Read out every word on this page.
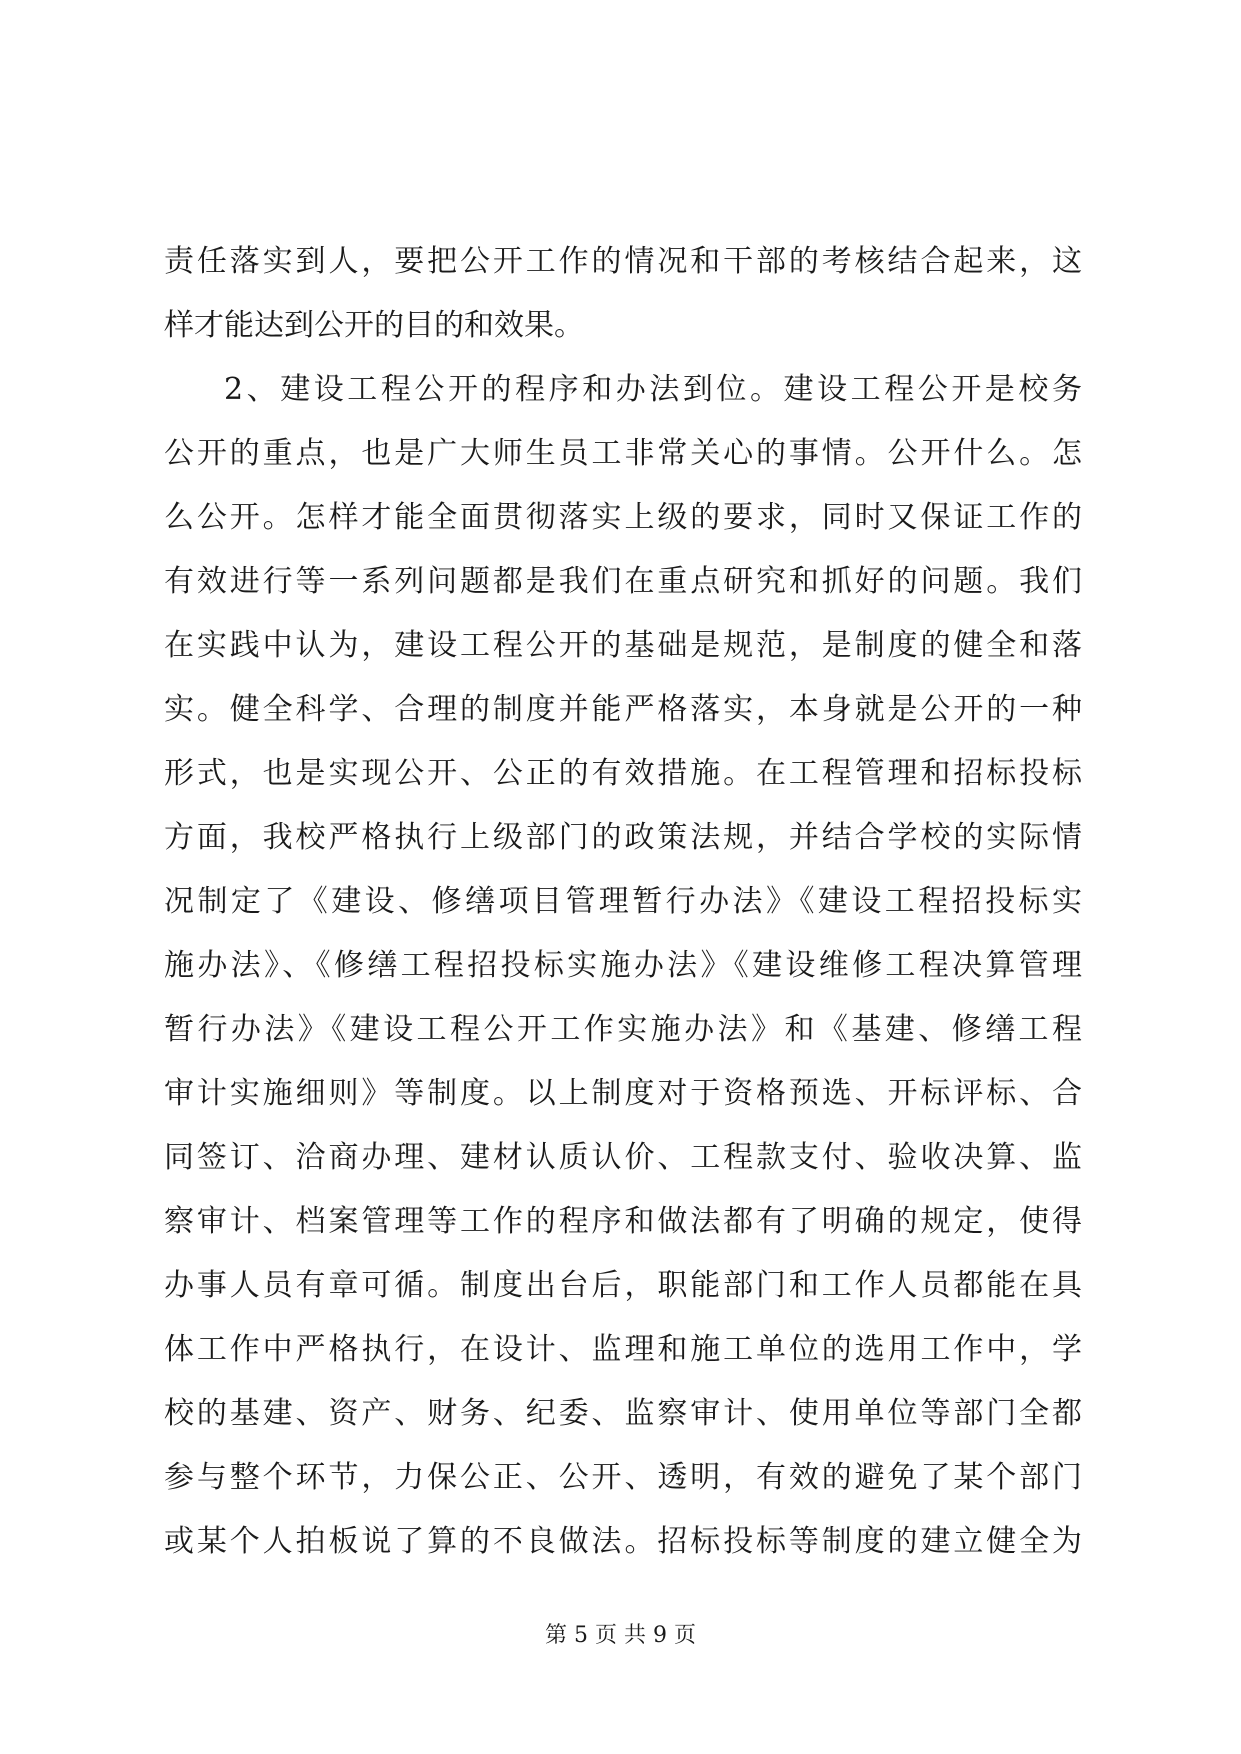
责任落实到人，要把公开工作的情况和干部的考核结合起来，这
样才能达到公开的目的和效果。
2、建设工程公开的程序和办法到位。建设工程公开是校务
公开的重点，也是广大师生员工非常关心的事情。公开什么。怎
么公开。怎样才能全面贯彻落实上级的要求，同时又保证工作的
有效进行等一系列问题都是我们在重点研究和抓好的问题。我们
在实践中认为，建设工程公开的基础是规范，是制度的健全和落
实。健全科学、合理的制度并能严格落实，本身就是公开的一种
形式，也是实现公开、公正的有效措施。在工程管理和招标投标
方面，我校严格执行上级部门的政策法规，并结合学校的实际情
况制定了《建设、修缮项目管理暂行办法》《建设工程招投标实
施办法》、《修缮工程招投标实施办法》《建设维修工程决算管理
暂行办法》《建设工程公开工作实施办法》和《基建、修缮工程
审计实施细则》等制度。以上制度对于资格预选、开标评标、合
同签订、洽商办理、建材认质认价、工程款支付、验收决算、监
察审计、档案管理等工作的程序和做法都有了明确的规定，使得
办事人员有章可循。制度出台后，职能部门和工作人员都能在具
体工作中严格执行，在设计、监理和施工单位的选用工作中，学
校的基建、资产、财务、纪委、监察审计、使用单位等部门全都
参与整个环节，力保公正、公开、透明，有效的避免了某个部门
或某个人拍板说了算的不良做法。招标投标等制度的建立健全为
第 5 页 共 9 页
